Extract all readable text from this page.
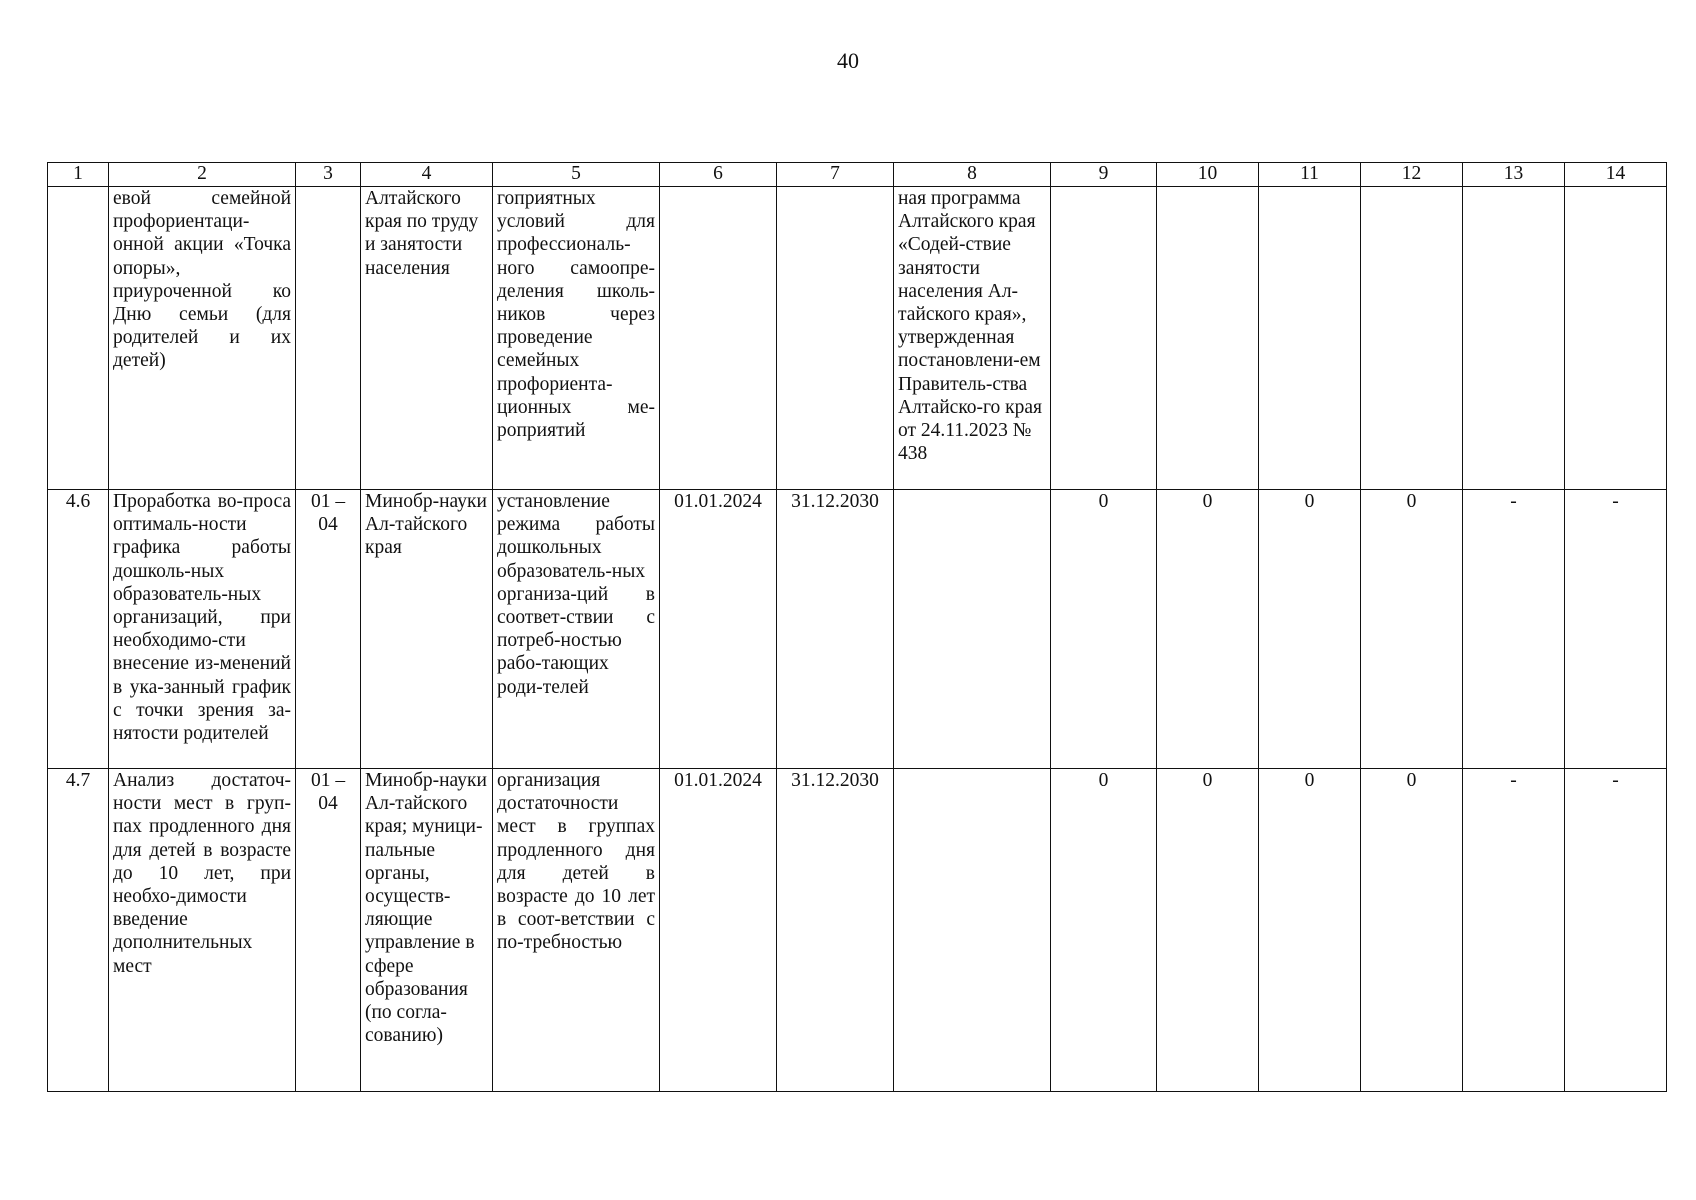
40
1	2	3	4	5	6	7	8	9	10	11	12	13	14
	евой семейной профориентаци-онной акции «Точка опоры», приуроченной ко Дню семьи (для родителей и их детей)		Алтайского края по труду и занятости населения	гоприятных условий для профессиональ-ного самоопре-деления школь-ников через проведение семейных профориента-ционных ме-роприятий			ная программа Алтайского края «Содей-ствие занятости населения Ал-тайского края», утвержденная постановлени-ем Правитель-ства Алтайско-го края от 24.11.2023 № 438						
4.6	Проработка во-проса оптималь-ности графика работы дошколь-ных образователь-ных организаций, при необходимо-сти внесение из-менений в ука-занный график с точки зрения за-нятости родителей	01 – 04	Минобр-науки Ал-тайского края	установление режима работы дошкольных образователь-ных организа-ций в соответ-ствии с потреб-ностью рабо-тающих роди-телей	01.01.2024	31.12.2030		0	0	0	0	-	-
4.7	Анализ достаточ-ности мест в груп-пах продленного дня для детей в возрасте до 10 лет, при необхо-димости введение дополнительных мест	01 – 04	Минобр-науки Ал-тайского края; муници-пальные органы, осуществ-ляющие управление в сфере образования (по согла-сованию)	организация достаточности мест в группах продленного дня для детей в возрасте до 10 лет в соот-ветствии с по-требностью	01.01.2024	31.12.2030		0	0	0	0	-	-
